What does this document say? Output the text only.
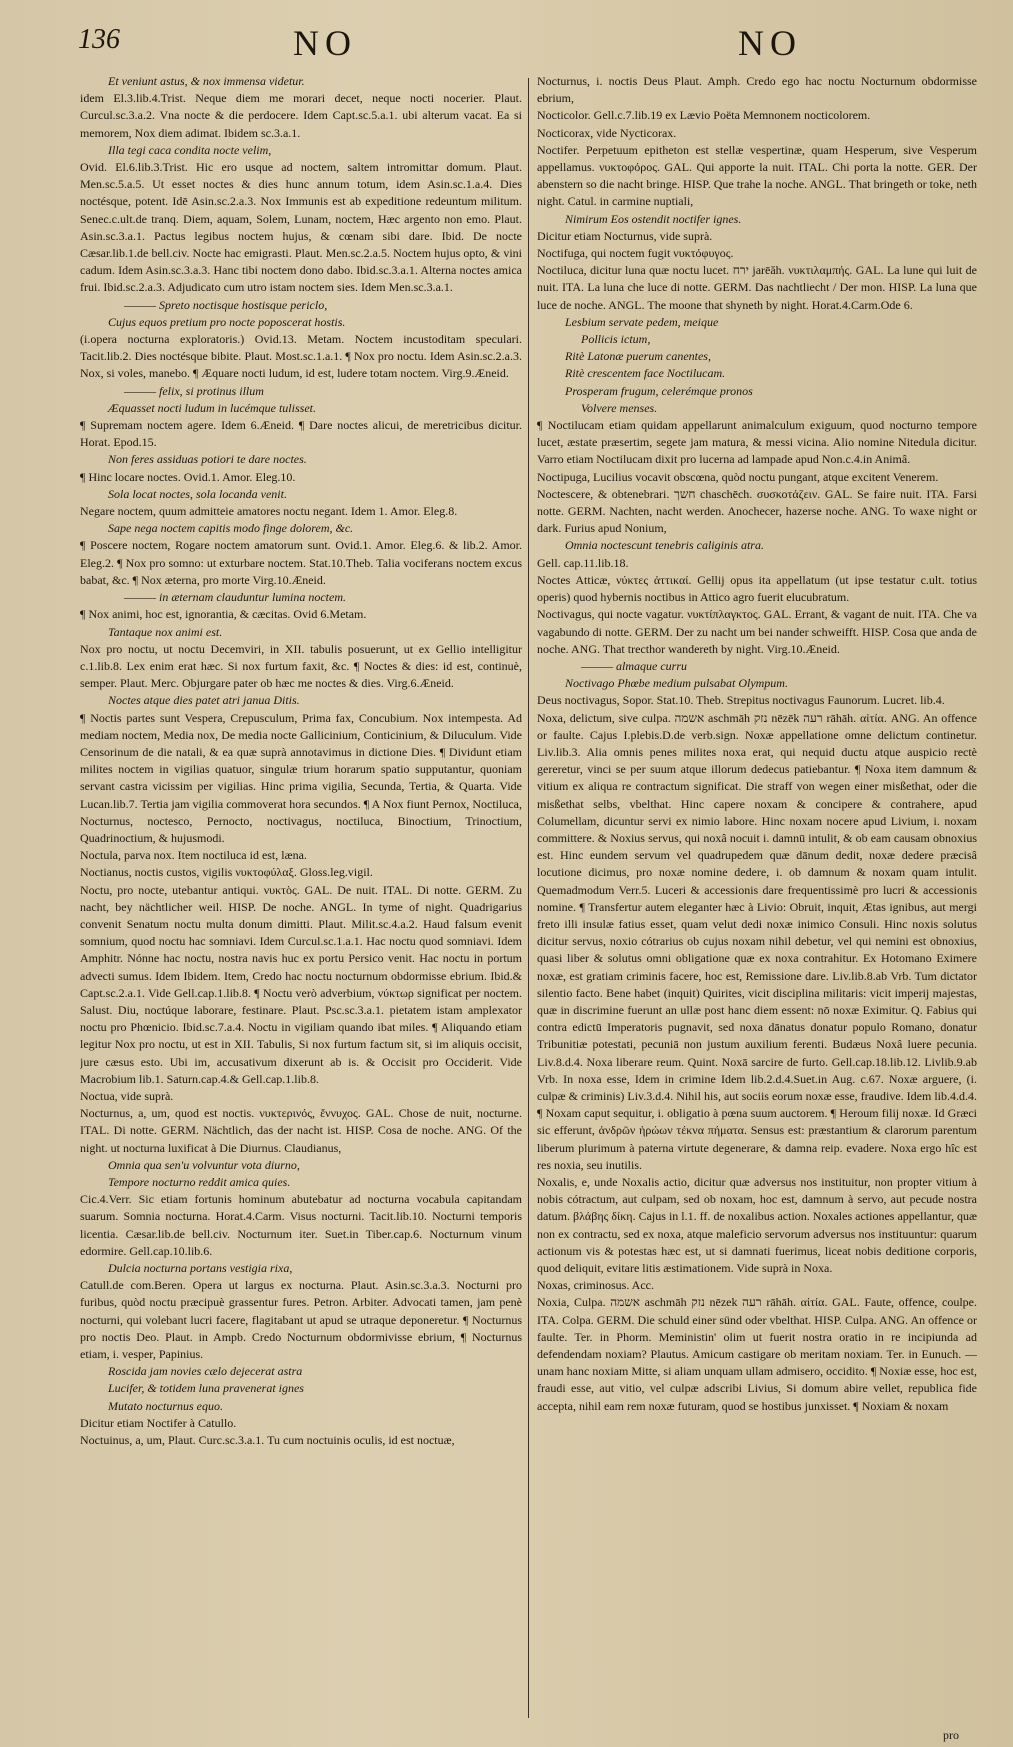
136	NO	NO

Et veniunt astus, & nox immensa videtur.

idem El.3.lib.4.Trist. Neque diem me morari decet, neque nocti nocerier. Plaut. Curcul.sc.3.a.2. Vna nocte & die perdocere. Idem Capt.sc.5.a.1. ubi alterum vacat. Ea si memorem, Nox diem adimat. Ibidem sc.3.a.1.

Illa tegi caca condita nocte velim,

Ovid. El.6.lib.3.Trist. Hic ero usque ad noctem, saltem intromittar domum. Plaut. Men.sc.5.a.5. Ut esset noctes & dies hunc annum totum, idem Asin.sc.1.a.4. Dies noctésque, potent. Idē Asin.sc.2.a.3. Nox Immunis est ab expeditione redeuntum militum. Senec.c.ult.de tranq. Diem, aquam, Solem, Lunam, noctem, Hæc argento non emo. Plaut. Asin.sc.3.a.1. Pactus legibus noctem hujus, & cœnam sibi dare. Ibid. De nocte Cæsar.lib.1.de bell.civ. Nocte hac emigrasti. Plaut. Men.sc.2.a.5. Noctem hujus opto, & vini cadum. Idem Asin.sc.3.a.3. Hanc tibi noctem dono dabo. Ibid.sc.3.a.1. Alterna noctes amica frui. Ibid.sc.2.a.3. Adjudicato cum utro istam noctem sies. Idem Men.sc.3.a.1.

——— Spreto noctisque hostisque periclo,

Cujus equos pretium pro nocte poposcerat hostis.

(i.opera nocturna exploratoris.) Ovid.13. Metam. Noctem incustoditam speculari. Tacit.lib.2. Dies noctésque bibite. Plaut. Most.sc.1.a.1. ¶ Nox pro noctu. Idem Asin.sc.2.a.3. Nox, si voles, manebo. ¶ Æquare nocti ludum, id est, ludere totam noctem. Virg.9.Æneid.

——— felix, si protinus illum

Æquasset nocti ludum in lucémque tulisset.

¶ Supremam noctem agere. Idem 6.Æneid. ¶ Dare noctes alicui, de meretricibus dicitur. Horat. Epod.15.

Non feres assiduas potiori te dare noctes.

¶ Hinc locare noctes. Ovid.1. Amor. Eleg.10.

Sola locat noctes, sola locanda venit.

Negare noctem, quum admitteie amatores noctu negant. Idem 1. Amor. Eleg.8.

Sape nega noctem capitis modo finge dolorem, &c.

¶ Poscere noctem, Rogare noctem amatorum sunt. Ovid.1. Amor. Eleg.6. & lib.2. Amor. Eleg.2. ¶ Nox pro somno: ut exturbare noctem. Stat.10.Theb. Talia vociferans noctem excus babat, &c. ¶ Nox æterna, pro morte Virg.10.Æneid.

——— in æternam clauduntur lumina noctem.

¶ Nox animi, hoc est, ignorantia, & cæcitas. Ovid 6.Metam.

Tantaque nox animi est.

Nox pro noctu, ut noctu Decemviri, in XII. tabulis posuerunt, ut ex Gellio intelligitur c.1.lib.8. Lex enim erat hæc. Si nox furtum faxit, &c. ¶ Noctes & dies: id est, continuè, semper. Plaut. Merc. Objurgare pater ob hæc me noctes & dies. Virg.6.Æneid.

Noctes atque dies patet atri janua Ditis.

¶ Noctis partes sunt Vespera, Crepusculum, Prima fax, Concubium. Nox intempesta. Ad mediam noctem, Media nox, De media nocte Gallicinium, Conticinium, & Diluculum. Vide Censorinum de die natali, & ea quæ suprà annotavimus in dictione Dies. ¶ Dividunt etiam milites noctem in vigilias quatuor, singulæ trium horarum spatio supputantur, quoniam servant castra vicissim per vigilias. Hinc prima vigilia, Secunda, Tertia, & Quarta. Vide Lucan.lib.7. Tertia jam vigilia commoverat hora secundos. ¶ A Nox fiunt Pernox, Noctiluca, Nocturnus, noctesco, Pernocto, noctivagus, noctiluca, Binoctium, Trinoctium, Quadrinoctium, & hujusmodi.

Noctula, parva nox. Item noctiluca id est, læna.

Noctianus, noctis custos, vigilis νυκτοφύλαξ. Gloss.leg.vigil.

Noctu, pro nocte, utebantur antiqui. νυκτὸς. GAL. De nuit. ITAL. Di notte. GERM. Zu nacht, bey nächtlicher weil. HISP. De noche. ANGL. In tyme of night. Quadrigarius convenit Senatum noctu multa donum dimitti. Plaut. Milit.sc.4.a.2. Haud falsum evenit somnium, quod noctu hac somniavi. Idem Curcul.sc.1.a.1. Hac noctu quod somniavi. Idem Amphitr. Nónne hac noctu, nostra navis huc ex portu Persico venit. Hac noctu in portum advecti sumus. Idem Ibidem. Item, Credo hac noctu nocturnum obdormisse ebrium. Ibid.& Capt.sc.2.a.1. Vide Gell.cap.1.lib.8. ¶ Noctu verò adverbium, νύκτωρ significat per noctem. Salust. Diu, noctúque laborare, festinare. Plaut. Psc.sc.3.a.1. pietatem istam amplexator noctu pro Phœnicio. Ibid.sc.7.a.4. Noctu in vigiliam quando ibat miles. ¶ Aliquando etiam legitur Nox pro noctu, ut est in XII. Tabulis, Si nox furtum factum sit, si im aliquis occisit, jure cæsus esto. Ubi im, accusativum dixerunt ab is. & Occisit pro Occiderit. Vide Macrobium lib.1. Saturn.cap.4.& Gell.cap.1.lib.8.

Noctua, vide suprà.

Nocturnus, a, um, quod est noctis. νυκτερινός, ἔννυχος. GAL. Chose de nuit, nocturne. ITAL. Di notte. GERM. Nächtlich, das der nacht ist. HISP. Cosa de noche. ANG. Of the night. ut nocturna luxificat à Die Diurnus. Claudianus,

Omnia qua sen'u volvuntur vota diurno,

Tempore nocturno reddit amica quies.

Cic.4.Verr. Sic etiam fortunis hominum abutebatur ad nocturna vocabula capitandam suarum. Somnia nocturna. Horat.4.Carm. Visus nocturni. Tacit.lib.10. Nocturni temporis licentia. Cæsar.lib.de bell.civ. Nocturnum iter. Suet.in Tiber.cap.6. Nocturnum vinum edormire. Gell.cap.10.lib.6.

Dulcia nocturna portans vestigia rixa,

Catull.de com.Beren. Opera ut largus ex nocturna. Plaut. Asin.sc.3.a.3. Nocturni pro furibus, quòd noctu præcipuè grassentur fures. Petron. Arbiter. Advocati tamen, jam penè nocturni, qui volebant lucri facere, flagitabant ut apud se utraque deponeretur. ¶ Nocturnus pro noctis Deo. Plaut. in Ampb. Credo Nocturnum obdormivisse ebrium, ¶ Nocturnus etiam, i. vesper, Papinius.

Roscida jam novies cælo dejecerat astra

Lucifer, & totidem luna pravenerat ignes

Mutato nocturnus equo.

Dicitur etiam Noctifer à Catullo.

Noctuinus, a, um, Plaut. Curc.sc.3.a.1. Tu cum noctuinis oculis, id est noctuæ,

Nocturnus, i. noctis Deus Plaut. Amph. Credo ego hac noctu Nocturnum obdormisse ebrium,

Nocticolor. Gell.c.7.lib.19 ex Lævio Poëta Memnonem nocticolorem.

Nocticorax, vide Nycticorax.

Noctifer. Perpetuum epitheton est stellæ vespertinæ, quam Hesperum, sive Vesperum appellamus. νυκτοφόρος. GAL. Qui apporte la nuit. ITAL. Chi porta la notte. GER. Der abenstern so die nacht bringe. HISP. Que trahe la noche. ANGL. That bringeth or toke, neth night. Catul. in carmine nuptiali,

Nimirum Eos ostendit noctifer ignes.

Dicitur etiam Nocturnus, vide suprà.

Noctifuga, qui noctem fugit νυκτόφυγος.

Noctiluca, dicitur luna quæ noctu lucet. ירח jarēăh. νυκτιλαμπής. GAL. La lune qui luit de nuit. ITA. La luna che luce di notte. GERM. Das nachtliecht / Der mon. HISP. La luna que luce de noche. ANGL. The moone that shyneth by night. Horat.4.Carm.Ode 6.

Lesbium servate pedem, meique

Pollicis ictum,

Ritè Latonæ puerum canentes,

Ritè crescentem face Noctilucam.

Prosperam frugum, celerémque pronos

Volvere menses.

¶ Noctilucam etiam quidam appellarunt animalculum exiguum, quod nocturno tempore lucet, æstate præsertim, segete jam matura, & messi vicina. Alio nomine Nitedula dicitur. Varro etiam Noctilucam dixit pro lucerna ad lampade apud Non.c.4.in Animâ.

Noctipuga, Lucilius vocavit obscœna, quòd noctu pungant, atque excitent Venerem.

Noctescere, & obtenebrari. חשך chaschēch. συσκοτάζειν. GAL. Se faire nuit. ITA. Farsi notte. GERM. Nachten, nacht werden. Anochecer, hazerse noche. ANG. To waxe night or dark. Furius apud Nonium,

Omnia noctescunt tenebris caliginis atra.

Gell. cap.11.lib.18.

Noctes Atticæ, νύκτες ἀττικαί. Gellij opus ita appellatum (ut ipse testatur c.ult. totius operis) quod hybernis noctibus in Attico agro fuerit elucubratum.

Noctivagus, qui nocte vagatur. νυκτίπλαγκτος. GAL. Errant, & vagant de nuit. ITA. Che va vagabundo di notte. GERM. Der zu nacht um bei nander schweifft. HISP. Cosa que anda de noche. ANG. That trecthor wandereth by night. Virg.10.Æneid.

——— almaque curru

Noctivago Phœbe medium pulsabat Olympum.

Deus noctivagus, Sopor. Stat.10. Theb. Strepitus noctivagus Faunorum. Lucret. lib.4.

Noxa, delictum, sive culpa. אשמה aschmāh נזק nēzēk רעה rāhāh. αἰτία. ANG. An offence or faulte. Cajus I.plebis.D.de verb.sign. Noxæ appellatione omne delictum continetur. Liv.lib.3. Alia omnis penes milites noxa erat, qui nequid ductu atque auspicio rectè gereretur, vinci se per suum atque illorum dedecus patiebantur. ¶ Noxa item damnum & vitium ex aliqua re contractum significat. Die straff von wegen einer misßethat, oder die misßethat selbs, vbelthat. Hinc capere noxam & concipere & contrahere, apud Columellam, dicuntur servi ex nimio labore. Hinc noxam nocere apud Livium, i. noxam committere. & Noxius servus, qui noxâ nocuit i. damnū intulit, & ob eam causam obnoxius est. Hinc eundem servum vel quadrupedem quæ dānum dedit, noxæ dedere præcisâ locutione dicimus, pro noxæ nomine dedere, i. ob damnum & noxam quam intulit. Quemadmodum Verr.5. Luceri & accessionis dare frequentissimè pro lucri & accessionis nomine. ¶ Transfertur autem eleganter hæc à Livio: Obruit, inquit, Ætas ignibus, aut mergi freto illi insulæ fatius esset, quam velut dedi noxæ inimico Consuli. Hinc noxis solutus dicitur servus, noxio cótrarius ob cujus noxam nihil debetur, vel qui nemini est obnoxius, quasi liber & solutus omni obligatione quæ ex noxa contrahitur. Ex Hotomano Eximere noxæ, est gratiam criminis facere, hoc est, Remissione dare. Liv.lib.8.ab Vrb. Tum dictator silentio facto. Bene habet (inquit) Quirites, vicit disciplina militaris: vicit imperij majestas, quæ in discrimine fuerunt an ullæ post hanc diem essent: nō noxæ Eximitur. Q. Fabius qui contra edictū Imperatoris pugnavit, sed noxa dānatus donatur populo Romano, donatur Tribunitiæ potestati, pecuniā non justum auxilium ferenti. Budæus Noxâ luere pecunia. Liv.8.d.4. Noxa liberare reum. Quint. Noxā sarcire de furto. Gell.cap.18.lib.12. Livlib.9.ab Vrb. In noxa esse, Idem in crimine Idem lib.2.d.4.Suet.in Aug. c.67. Noxæ arguere, (i. culpæ & criminis) Liv.3.d.4. Nihil his, aut sociis eorum noxæ esse, fraudive. Idem lib.4.d.4. ¶ Noxam caput sequitur, i. obligatio à pœna suum auctorem. ¶ Heroum filij noxæ. Id Græci sic efferunt, ἀνδρῶν ἡρώων τέκνα πήματα. Sensus est: præstantium & clarorum parentum liberum plurimum à paterna virtute degenerare, & damna reip. evadere. Noxa ergo hîc est res noxia, seu inutilis.

Noxalis, e, unde Noxalis actio, dicitur quæ adversus nos instituitur, non propter vitium à nobis cótractum, aut culpam, sed ob noxam, hoc est, damnum à servo, aut pecude nostra datum. βλάβης δίκη. Cajus in l.1. ff. de noxalibus action. Noxales actiones appellantur, quæ non ex contractu, sed ex noxa, atque maleficio servorum adversus nos instituuntur: quarum actionum vis & potestas hæc est, ut si damnati fuerimus, liceat nobis deditione corporis, quod deliquit, evitare litis æstimationem. Vide suprà in Noxa.

Noxas, criminosus. Acc.

Noxia, Culpa. אשמה aschmāh נזק nēzek רעה rāhāh. αἰτία. GAL. Faute, offence, coulpe. ITA. Colpa. GERM. Die schuld einer sünd oder vbelthat. HISP. Culpa. ANG. An offence or faulte. Ter. in Phorm. Meministin' olim ut fuerit nostra oratio in re incipiunda ad defendendam noxiam? Plautus. Amicum castigare ob meritam noxiam. Ter. in Eunuch. — unam hanc noxiam Mitte, si aliam unquam ullam admisero, occidito. ¶ Noxiæ esse, hoc est, fraudi esse, aut vitio, vel culpæ adscribi Livius, Si domum abire vellet, republica fide accepta, nihil eam rem noxæ futuram, quod se hostibus junxisset. ¶ Noxiam & noxam

pro
